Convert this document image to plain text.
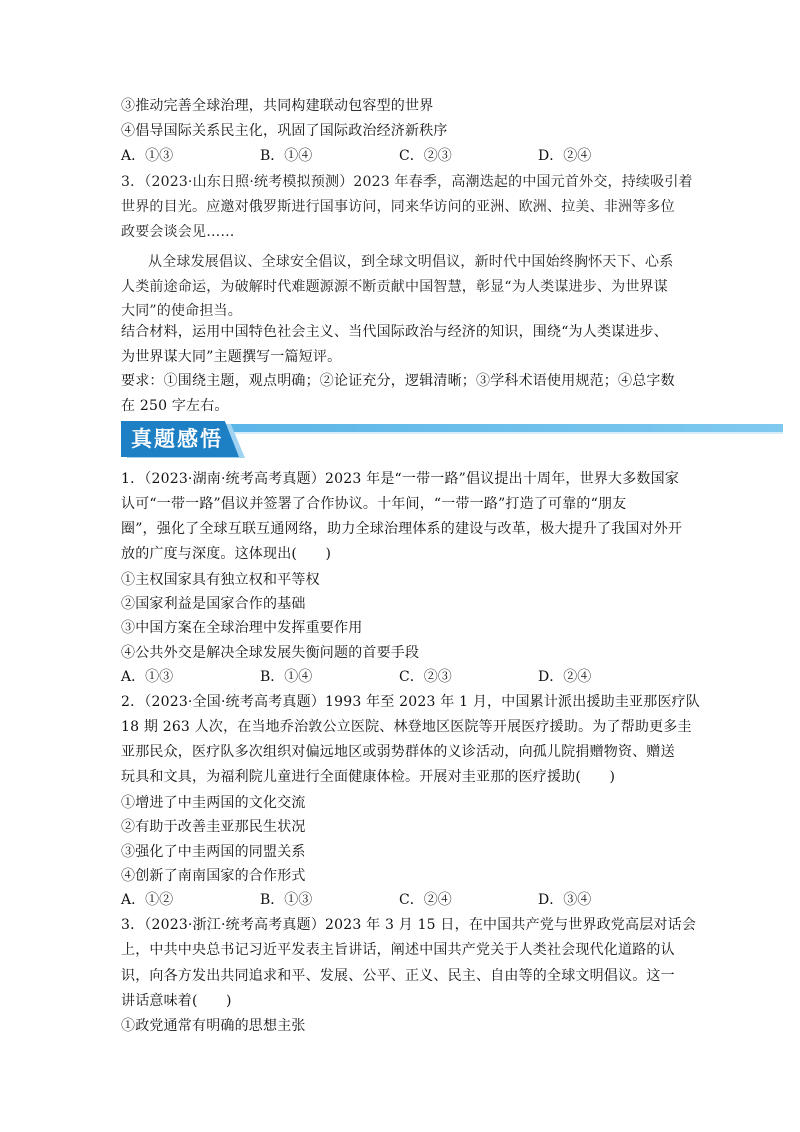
③推动完善全球治理，共同构建联动包容型的世界
④倡导国际关系民主化，巩固了国际政治经济新秩序
A．①③	B．①④	C．②③	D．②④
3．（2023·山东日照·统考模拟预测）2023 年春季，高潮迭起的中国元首外交，持续吸引着
世界的目光。应邀对俄罗斯进行国事访问，同来华访问的亚洲、欧洲、拉美、非洲等多位
政要会谈会见……
从全球发展倡议、全球安全倡议，到全球文明倡议，新时代中国始终胸怀天下、心系
人类前途命运，为破解时代难题源源不断贡献中国智慧，彰显“为人类谋进步、为世界谋
大同”的使命担当。
结合材料，运用中国特色社会主义、当代国际政治与经济的知识，围绕“为人类谋进步、
为世界谋大同”主题撰写一篇短评。
要求：①围绕主题，观点明确；②论证充分，逻辑清晰；③学科术语使用规范；④总字数
在 250 字左右。
真题感悟
1．（2023·湖南·统考高考真题）2023 年是“一带一路”倡议提出十周年，世界大多数国家
认可“一带一路”倡议并签署了合作协议。十年间，“一带一路”打造了可靠的“朋友
圈”，强化了全球互联互通网络，助力全球治理体系的建设与改革，极大提升了我国对外开
放的广度与深度。这体现出(　　)
①主权国家具有独立权和平等权
②国家利益是国家合作的基础
③中国方案在全球治理中发挥重要作用
④公共外交是解决全球发展失衡问题的首要手段
A．①③	B．①④	C．②③	D．②④
2．（2023·全国·统考高考真题）1993 年至 2023 年 1 月，中国累计派出援助圭亚那医疗队
18 期 263 人次，在当地乔治敦公立医院、林登地区医院等开展医疗援助。为了帮助更多圭
亚那民众，医疗队多次组织对偏远地区或弱势群体的义诊活动，向孤儿院捐赠物资、赠送
玩具和文具，为福利院儿童进行全面健康体检。开展对圭亚那的医疗援助(　　)
①增进了中圭两国的文化交流
②有助于改善圭亚那民生状况
③强化了中圭两国的同盟关系
④创新了南南国家的合作形式
A．①②	B．①③	C．②④	D．③④
3．（2023·浙江·统考高考真题）2023 年 3 月 15 日，在中国共产党与世界政党高层对话会
上，中共中央总书记习近平发表主旨讲话，阐述中国共产党关于人类社会现代化道路的认
识，向各方发出共同追求和平、发展、公平、正义、民主、自由等的全球文明倡议。这一
讲话意味着(　　)
①政党通常有明确的思想主张
